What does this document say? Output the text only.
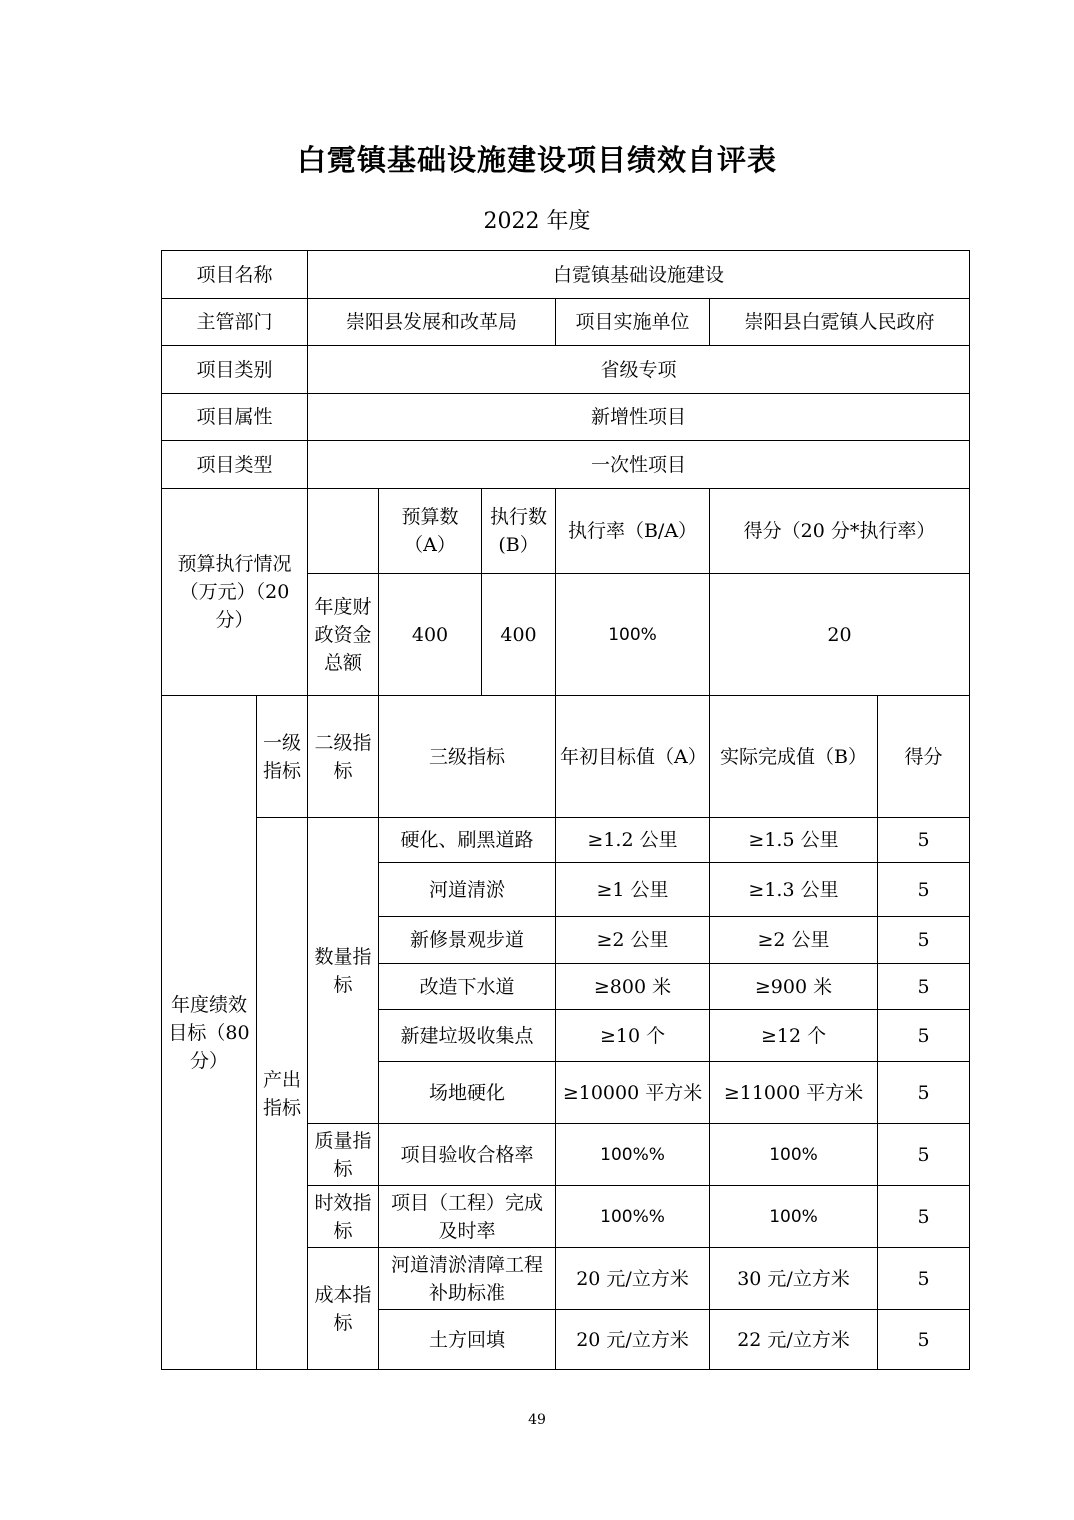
白霓镇基础设施建设项目绩效自评表
2022 年度
项目名称		白霓镇基础设施建设					
主管部门		崇阳县发展和改革局			项目实施单位	崇阳县白霓镇人民政府	
项目类别		省级专项					
项目属性		新增性项目					
项目类型		一次性项目					
预算执行情况（万元）（20 分）			预算数（A）	执行数(B）	执行率（B/A）	得分（20 分*执行率）	
		年度财政资金总额	400	400	100%	20	
年度绩效目标（80 分）	一级指标	二级指标	三级指标		年初目标值（A）	实际完成值（B）	得分
	产出指标	数量指标	硬化、刷黑道路		≥1.2 公里	≥1.5 公里	5
			河道清淤		≥1 公里	≥1.3 公里	5
			新修景观步道		≥2 公里	≥2 公里	5
			改造下水道		≥800 米	≥900 米	5
			新建垃圾收集点		≥10 个	≥12 个	5
			场地硬化		≥10000 平方米	≥11000 平方米	5
		质量指标	项目验收合格率		100%%	100%	5
		时效指标	项目（工程）完成及时率		100%%	100%	5
		成本指标	河道清淤清障工程补助标准		20 元/立方米	30 元/立方米	5
			土方回填		20 元/立方米	22 元/立方米	5
49
